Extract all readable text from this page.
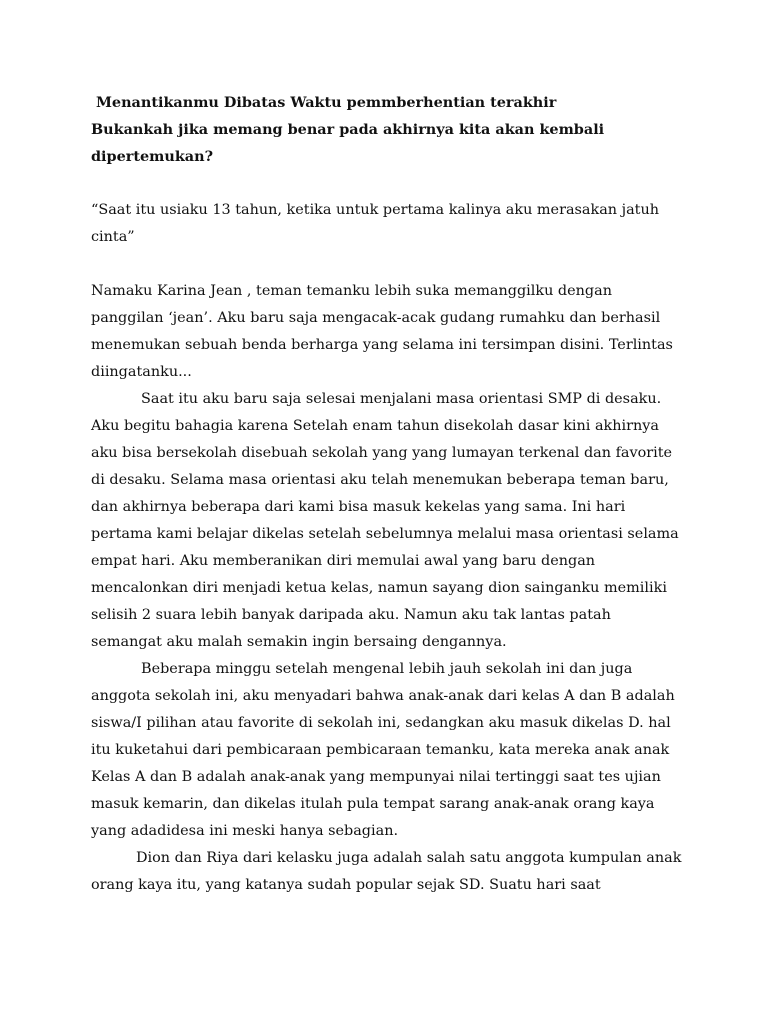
Menantikanmu Dibatas Waktu pemmberhentian terakhir
Bukankah jika memang benar pada akhirnya kita akan kembali dipertemukan?

“Saat itu usiaku 13 tahun, ketika untuk pertama kalinya aku merasakan jatuh cinta”

Namaku Karina Jean , teman temanku lebih suka memanggilku dengan panggilan ‘jean’. Aku baru saja mengacak-acak gudang rumahku dan berhasil menemukan sebuah benda berharga yang selama ini tersimpan disini. Terlintas diingatanku...

Saat itu aku baru saja selesai menjalani masa orientasi SMP di desaku. Aku begitu bahagia karena Setelah enam tahun disekolah dasar kini akhirnya aku bisa bersekolah disebuah sekolah yang yang lumayan terkenal dan favorite di desaku. Selama masa orientasi aku telah menemukan beberapa teman baru, dan akhirnya beberapa dari kami bisa masuk kekelas yang sama. Ini hari pertama kami belajar dikelas setelah sebelumnya melalui masa orientasi selama empat hari. Aku memberanikan diri memulai awal yang baru dengan mencalonkan diri menjadi ketua kelas, namun sayang dion sainganku memiliki selisih 2 suara lebih banyak daripada aku. Namun aku tak lantas patah semangat aku malah semakin ingin bersaing dengannya.

Beberapa minggu setelah mengenal lebih jauh sekolah ini dan juga anggota sekolah ini, aku menyadari bahwa anak-anak dari kelas A dan B adalah siswa/I pilihan atau favorite di sekolah ini, sedangkan aku masuk dikelas D. hal itu kuketahui dari pembicaraan pembicaraan temanku, kata mereka anak anak Kelas A dan B adalah anak-anak yang mempunyai nilai tertinggi saat tes ujian masuk kemarin, dan dikelas itulah pula tempat sarang anak-anak orang kaya yang adadidesa ini meski hanya sebagian.

Dion dan Riya dari kelasku juga adalah salah satu anggota kumpulan anak orang kaya itu, yang katanya sudah popular sejak SD. Suatu hari saat
